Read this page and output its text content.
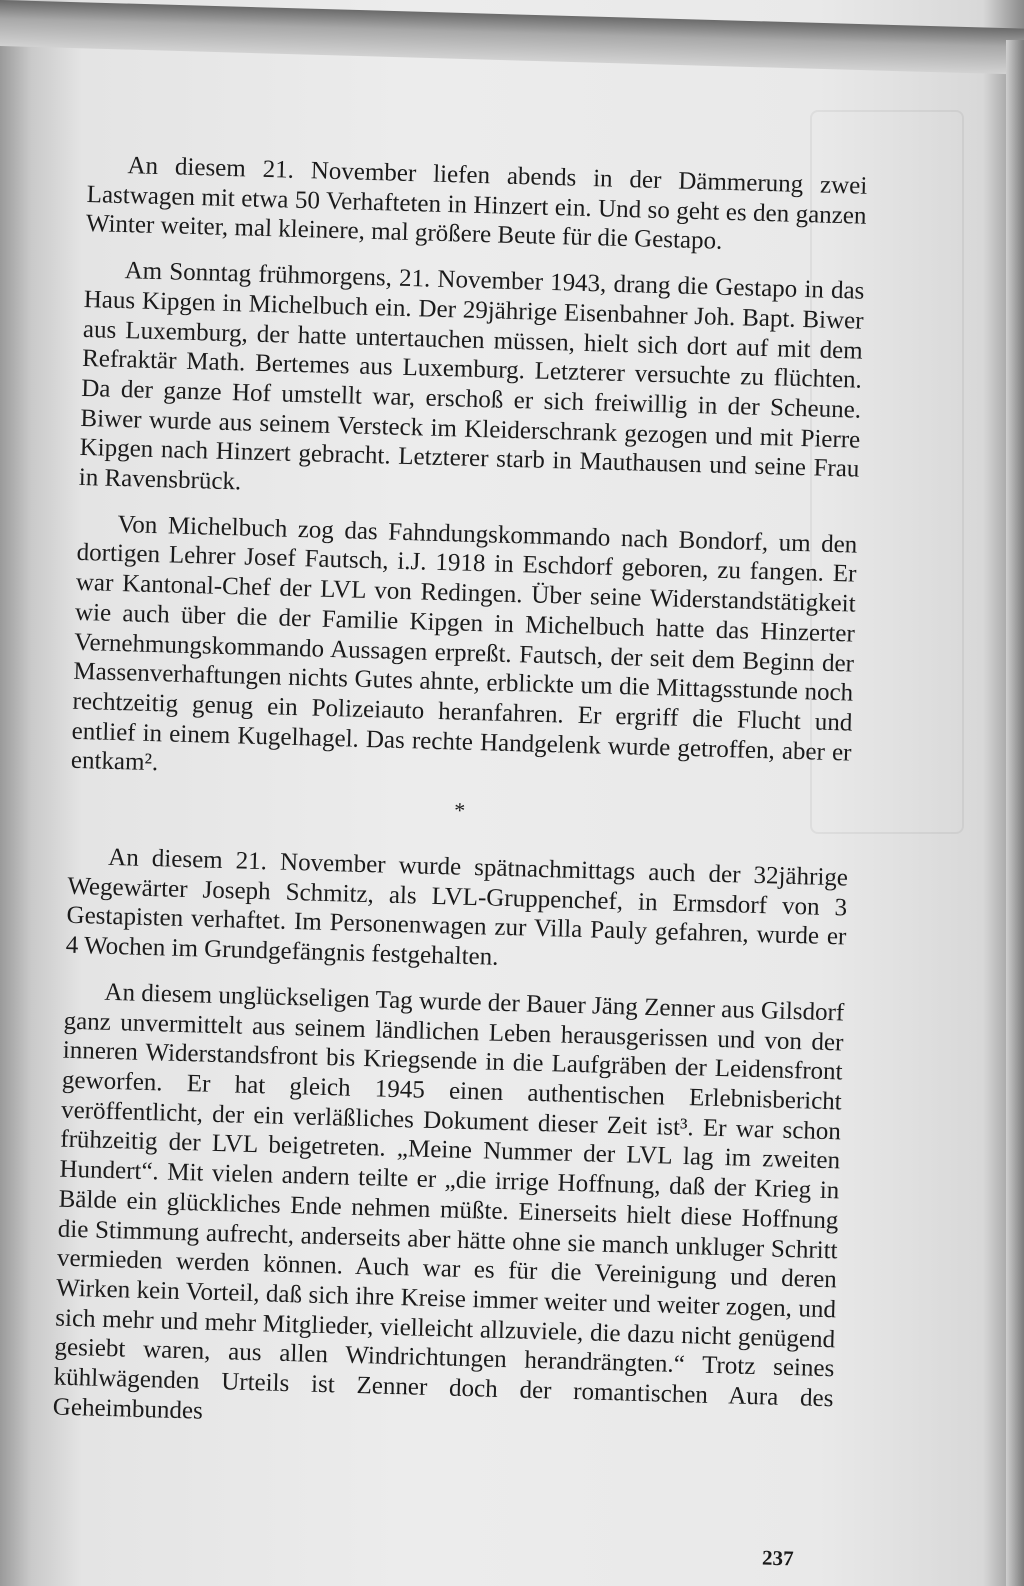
An diesem 21. November liefen abends in der Dämmerung zwei Lastwagen mit etwa 50 Verhafteten in Hinzert ein. Und so geht es den ganzen Winter weiter, mal kleinere, mal größere Beute für die Gestapo.

Am Sonntag frühmorgens, 21. November 1943, drang die Gestapo in das Haus Kipgen in Michelbuch ein. Der 29jährige Eisenbahner Joh. Bapt. Biwer aus Luxemburg, der hatte untertauchen müssen, hielt sich dort auf mit dem Refraktär Math. Bertemes aus Luxemburg. Letzterer versuchte zu flüchten. Da der ganze Hof umstellt war, erschoß er sich freiwillig in der Scheune. Biwer wurde aus seinem Versteck im Kleiderschrank gezogen und mit Pierre Kipgen nach Hinzert gebracht. Letzterer starb in Mauthausen und seine Frau in Ravensbrück.

Von Michelbuch zog das Fahndungskommando nach Bondorf, um den dortigen Lehrer Josef Fautsch, i.J. 1918 in Eschdorf geboren, zu fangen. Er war Kantonal-Chef der LVL von Redingen. Über seine Widerstandstätigkeit wie auch über die der Familie Kipgen in Michelbuch hatte das Hinzerter Vernehmungskommando Aussagen erpreßt. Fautsch, der seit dem Beginn der Massenverhaftungen nichts Gutes ahnte, erblickte um die Mittagsstunde noch rechtzeitig genug ein Polizeiauto heranfahren. Er ergriff die Flucht und entlief in einem Kugelhagel. Das rechte Handgelenk wurde getroffen, aber er entkam².

*

An diesem 21. November wurde spätnachmittags auch der 32jährige Wegewärter Joseph Schmitz, als LVL-Gruppenchef, in Ermsdorf von 3 Gestapisten verhaftet. Im Personenwagen zur Villa Pauly gefahren, wurde er 4 Wochen im Grundgefängnis festgehalten.

An diesem unglückseligen Tag wurde der Bauer Jäng Zenner aus Gilsdorf ganz unvermittelt aus seinem ländlichen Leben herausgerissen und von der inneren Widerstandsfront bis Kriegsende in die Laufgräben der Leidensfront geworfen. Er hat gleich 1945 einen authentischen Erlebnisbericht veröffentlicht, der ein verläßliches Dokument dieser Zeit ist³. Er war schon frühzeitig der LVL beigetreten. „Meine Nummer der LVL lag im zweiten Hundert“. Mit vielen andern teilte er „die irrige Hoffnung, daß der Krieg in Bälde ein glückliches Ende nehmen müßte. Einerseits hielt diese Hoffnung die Stimmung aufrecht, anderseits aber hätte ohne sie manch unkluger Schritt vermieden werden können. Auch war es für die Vereinigung und deren Wirken kein Vorteil, daß sich ihre Kreise immer weiter und weiter zogen, und sich mehr und mehr Mitglieder, vielleicht allzuviele, die dazu nicht genügend gesiebt waren, aus allen Windrichtungen herandrängten.“ Trotz seines kühlwägenden Urteils ist Zenner doch der romantischen Aura des Geheimbundes

237
